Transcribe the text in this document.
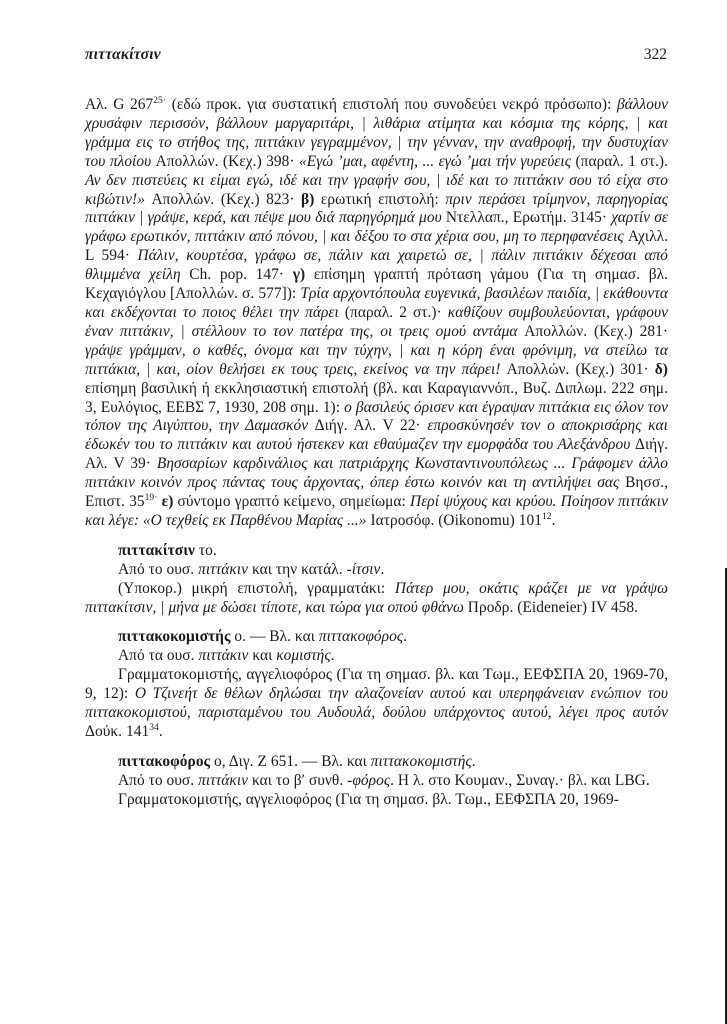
πιττακίτσιν	322

Αλ. G $267^{25\cdot}$ (εδώ προκ. για συστατική επιστολή που συνοδεύει νεκρό πρόσωπο): βάλλουν χρυσάφιν περισσόν, βάλλουν μαργαριτάρι, | λιθάρια ατίμητα και κόσμια της κόρης, | και γράμμα εις το στήθος της, πιττάκιν γεγραμμένον, | την γένναν, την αναθροφή, την δυστυχίαν του πλοίου Απολλών. (Κεχ.) 398· «Εγώ ’μαι, αφέντη, ... εγώ ’μαι τήν γυρεύεις (παραλ. 1 στ.). Αν δεν πιστεύεις κι είμαι εγώ, ιδέ και την γραφήν σου, | ιδέ και το πιττάκιν σου τό είχα στο κιβώτιν!» Απολλών. (Κεχ.) 823· β) ερωτική επιστολή: πριν περάσει τρίμηνον, παρηγορίας πιττάκιν | γράψε, κερά, και πέψε μου διά παρηγόρημά μου Ντελλαπ., Ερωτήμ. 3145· χαρτίν σε γράφω ερωτικόν, πιττάκιν από πόνου, | και δέξου το στα χέρια σου, μη το περηφανέσεις Αχιλλ. L 594· Πάλιν, κουρτέσα, γράφω σε, πάλιν και χαιρετώ σε, | πάλιν πιττάκιν δέχεσαι από θλιμμένα χείλη Ch. pop. 147· γ) επίσημη γραπτή πρόταση γάμου (Για τη σημασ. βλ. Κεχαγιόγλου [Απολλών. σ. 577]): Τρία αρχοντόπουλα ευγενικά, βασιλέων παιδία, | εκάθουντα και εκδέχονται το ποιος θέλει την πάρει (παραλ. 2 στ.)· καθίζουν συμβουλεύονται, γράφουν έναν πιττάκιν, | στέλλουν το τον πατέρα της, οι τρεις ομού αντάμα Απολλών. (Κεχ.) 281· γράψε γράμμαν, ο καθές, όνομα και την τύχην, | και η κόρη έναι φρόνιμη, να στείλω τα πιττάκια, | και, οίον θελήσει εκ τους τρεις, εκείνος να την πάρει! Απολλών. (Κεχ.) 301· δ) επίσημη βασιλική ή εκκλησιαστική επιστολή (βλ. και Καραγιαννόπ., Βυζ. Διπλωμ. 222 σημ. 3, Ευλόγιος, ΕΕΒΣ 7, 1930, 208 σημ. 1): ο βασιλεύς όρισεν και έγραψαν πιττάκια εις όλον τον τόπον της Αιγύπτου, την Δαμασκόν Διήγ. Αλ. V 22· επροσκύνησέν τον ο αποκρισάρης και έδωκέν του το πιττάκιν και αυτού ήστεκεν και εθαύμαζεν την εμορφάδα του Αλεξάνδρου Διήγ. Αλ. V 39· Βησσαρίων καρδινάλιος και πατριάρχης Κωνσταντινουπόλεως ... Γράφομεν άλλο πιττάκιν κοινόν προς πάντας τους άρχοντας, όπερ έστω κοινόν και τη αντιλήψει σας Βησσ., Επιστ. $35^{19\cdot}$ ε) σύντομο γραπτό κείμενο, σημείωμα: Περί ψύχους και κρύου. Ποίησον πιττάκιν και λέγε: «Ο τεχθείς εκ Παρθένου Μαρίας ...» Ιατροσόφ. (Oikonomu) $101^{12}$.

πιττακίτσιν το.

Από το ουσ. πιττάκιν και την κατάλ. -ίτσιν.

(Υποκορ.) μικρή επιστολή, γραμματάκι: Πάτερ μου, οκάτις κράζει με να γράψω πιττακίτσιν, | μήνα με δώσει τίποτε, και τώρα για οπού φθάνω Προδρ. (Eideneier) IV 458.

πιττακοκομιστής ο. — Βλ. και πιττακοφόρος.

Από τα ουσ. πιττάκιν και κομιστής.

Γραμματοκομιστής, αγγελιοφόρος (Για τη σημασ. βλ. και Τωμ., ΕΕΦΣΠΑ 20, 1969-70, 9, 12): Ο Τζινεήτ δε θέλων δηλώσαι την αλαζονείαν αυτού και υπερηφάνειαν ενώπιον του πιττακοκομιστού, παρισταμένου του Αυδουλά, δούλου υπάρχοντος αυτού, λέγει προς αυτόν Δούκ. $141^{34}$.

πιττακοφόρος ο, Διγ. Ζ 651. — Βλ. και πιττακοκομιστής.

Από το ουσ. πιττάκιν και το β′ συνθ. -φόρος. Η λ. στο Κουμαν., Συναγ.· βλ. και LBG.

Γραμματοκομιστής, αγγελιοφόρος (Για τη σημασ. βλ. Τωμ., ΕΕΦΣΠΑ 20, 1969-
